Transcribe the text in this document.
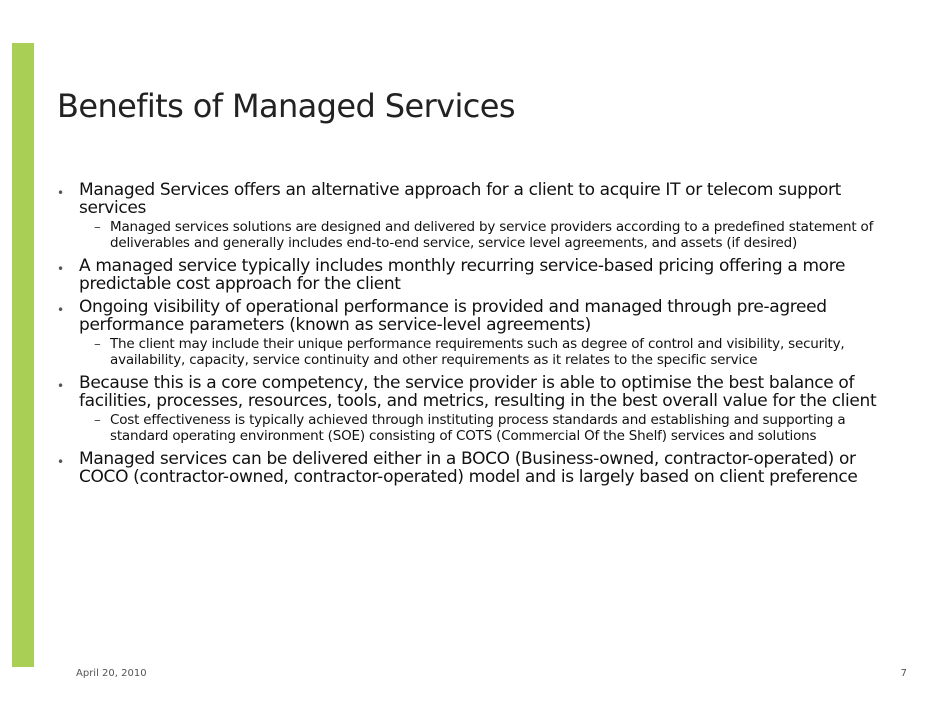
Benefits of Managed Services
• Managed Services offers an alternative approach for a client to acquire IT or telecom support services
– Managed services solutions are designed and delivered by service providers according to a predefined statement of deliverables and generally includes end-to-end service, service level agreements, and assets (if desired)
• A managed service typically includes monthly recurring service-based pricing offering a more predictable cost approach for the client
• Ongoing visibility of operational performance is provided and managed through pre-agreed performance parameters (known as service-level agreements)
– The client may include their unique performance requirements such as degree of control and visibility, security, availability, capacity, service continuity and other requirements as it relates to the specific service
• Because this is a core competency, the service provider is able to optimise the best balance of facilities, processes, resources, tools, and metrics, resulting in the best overall value for the client
– Cost effectiveness is typically achieved through instituting process standards and establishing and supporting a standard operating environment (SOE) consisting of COTS (Commercial Of the Shelf) services and solutions
• Managed services can be delivered either in a BOCO (Business-owned, contractor-operated) or COCO (contractor-owned, contractor-operated) model and is largely based on client preference
April 20, 2010	7
